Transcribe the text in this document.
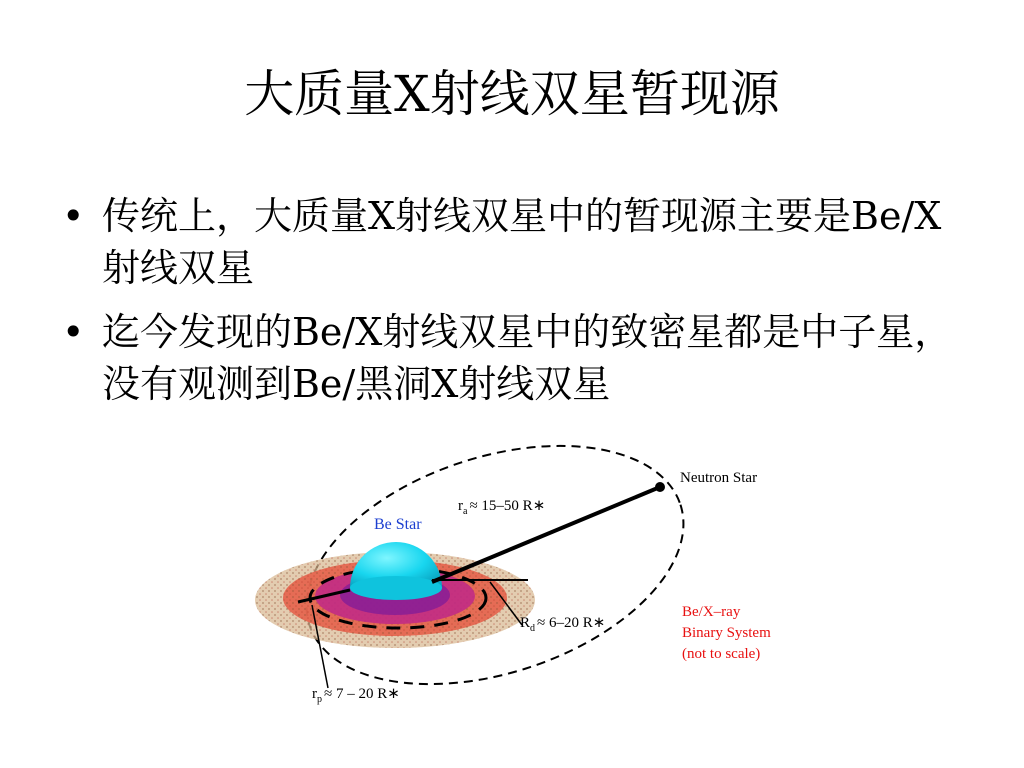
大质量X射线双星暂现源
• 传统上，大质量X射线双星中的暂现源主要是Be/X射线双星
• 迄今发现的Be/X射线双星中的致密星都是中子星，没有观测到Be/黑洞X射线双星
Neutron Star
Be Star
$r_a \approx 15-50$ R∗
$R_d \approx 6-20$ R∗
$r_p \approx 7 - 20$ R∗
Be/X–ray
Binary System
(not to scale)
